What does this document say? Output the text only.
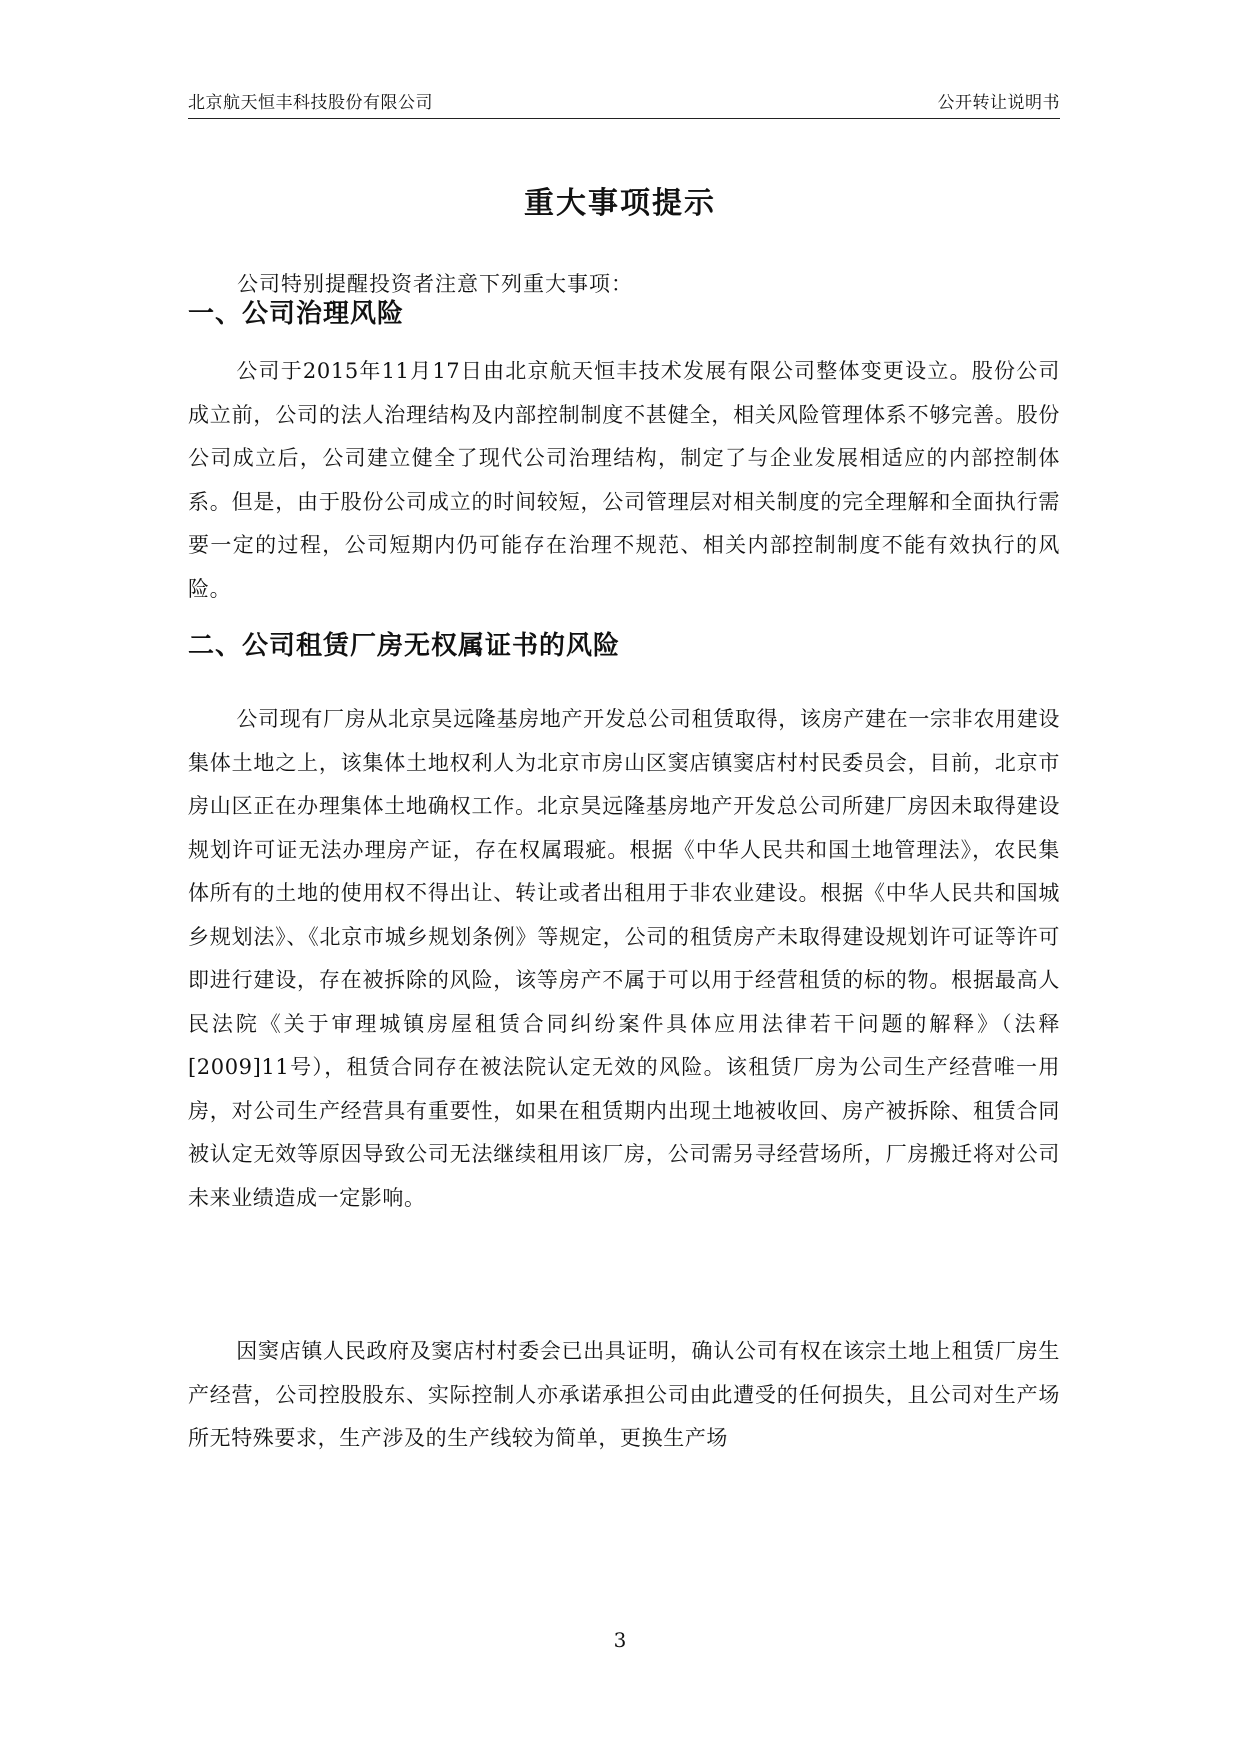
北京航天恒丰科技股份有限公司	公开转让说明书
重大事项提示
公司特别提醒投资者注意下列重大事项：
一、公司治理风险

公司于2015年11月17日由北京航天恒丰技术发展有限公司整体变更设立。股份公司成立前，公司的法人治理结构及内部控制制度不甚健全，相关风险管理体系不够完善。股份公司成立后，公司建立健全了现代公司治理结构，制定了与企业发展相适应的内部控制体系。但是，由于股份公司成立的时间较短，公司管理层对相关制度的完全理解和全面执行需要一定的过程，公司短期内仍可能存在治理不规范、相关内部控制制度不能有效执行的风险。

二、公司租赁厂房无权属证书的风险

公司现有厂房从北京昊远隆基房地产开发总公司租赁取得，该房产建在一宗非农用建设集体土地之上，该集体土地权利人为北京市房山区窦店镇窦店村村民委员会，目前，北京市房山区正在办理集体土地确权工作。北京昊远隆基房地产开发总公司所建厂房因未取得建设规划许可证无法办理房产证，存在权属瑕疵。根据《中华人民共和国土地管理法》，农民集体所有的土地的使用权不得出让、转让或者出租用于非农业建设。根据《中华人民共和国城乡规划法》、《北京市城乡规划条例》等规定，公司的租赁房产未取得建设规划许可证等许可即进行建设，存在被拆除的风险，该等房产不属于可以用于经营租赁的标的物。根据最高人民法院《关于审理城镇房屋租赁合同纠纷案件具体应用法律若干问题的解释》（法释[2009]11号），租赁合同存在被法院认定无效的风险。该租赁厂房为公司生产经营唯一用房，对公司生产经营具有重要性，如果在租赁期内出现土地被收回、房产被拆除、租赁合同被认定无效等原因导致公司无法继续租用该厂房，公司需另寻经营场所，厂房搬迁将对公司未来业绩造成一定影响。

因窦店镇人民政府及窦店村村委会已出具证明，确认公司有权在该宗土地上租赁厂房生产经营，公司控股股东、实际控制人亦承诺承担公司由此遭受的任何损失，且公司对生产场所无特殊要求，生产涉及的生产线较为简单，更换生产场

3
